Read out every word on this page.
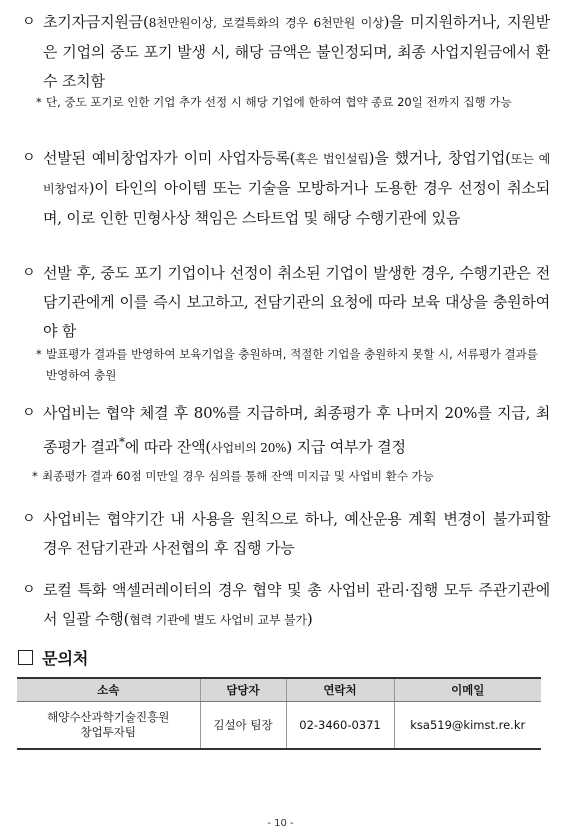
ㅇ 초기자금지원금(8천만원이상, 로컬특화의 경우 6천만원 이상)을 미지원하거나, 지원받은 기업의 중도 포기 발생 시, 해당 금액은 불인정되며, 최종 사업지원금에서 환수 조치함
* 단, 중도 포기로 인한 기업 추가 선정 시 해당 기업에 한하여 협약 종료 20일 전까지 집행 가능
ㅇ 선발된 예비창업자가 이미 사업자등록(혹은 법인설립)을 했거나, 창업기업(또는 예비창업자)이 타인의 아이템 또는 기술을 모방하거나 도용한 경우 선정이 취소되며, 이로 인한 민형사상 책임은 스타트업 및 해당 수행기관에 있음
ㅇ 선발 후, 중도 포기 기업이나 선정이 취소된 기업이 발생한 경우, 수행기관은 전담기관에게 이를 즉시 보고하고, 전담기관의 요청에 따라 보육 대상을 충원하여야 함
* 발표평가 결과를 반영하여 보육기업을 충원하며, 적절한 기업을 충원하지 못할 시, 서류평가 결과를 반영하여 충원
ㅇ 사업비는 협약 체결 후 80%를 지급하며, 최종평가 후 나머지 20%를 지급, 최종평가 결과*에 따라 잔액(사업비의 20%) 지급 여부가 결정
* 최종평가 결과 60점 미만일 경우 심의를 통해 잔액 미지급 및 사업비 환수 가능
ㅇ 사업비는 협약기간 내 사용을 원칙으로 하나, 예산운용 계획 변경이 불가피할 경우 전담기관과 사전협의 후 집행 가능
ㅇ 로컬 특화 액셀러레이터의 경우 협약 및 총 사업비 관리·집행 모두 주관기관에서 일괄 수행(협력 기관에 별도 사업비 교부 불가)
문의처
소속	담당자	연락처	이메일
해양수산과학기술진흥원
창업투자팀	김설아 팀장	02-3460-0371	ksa519@kimst.re.kr
- 10 -
